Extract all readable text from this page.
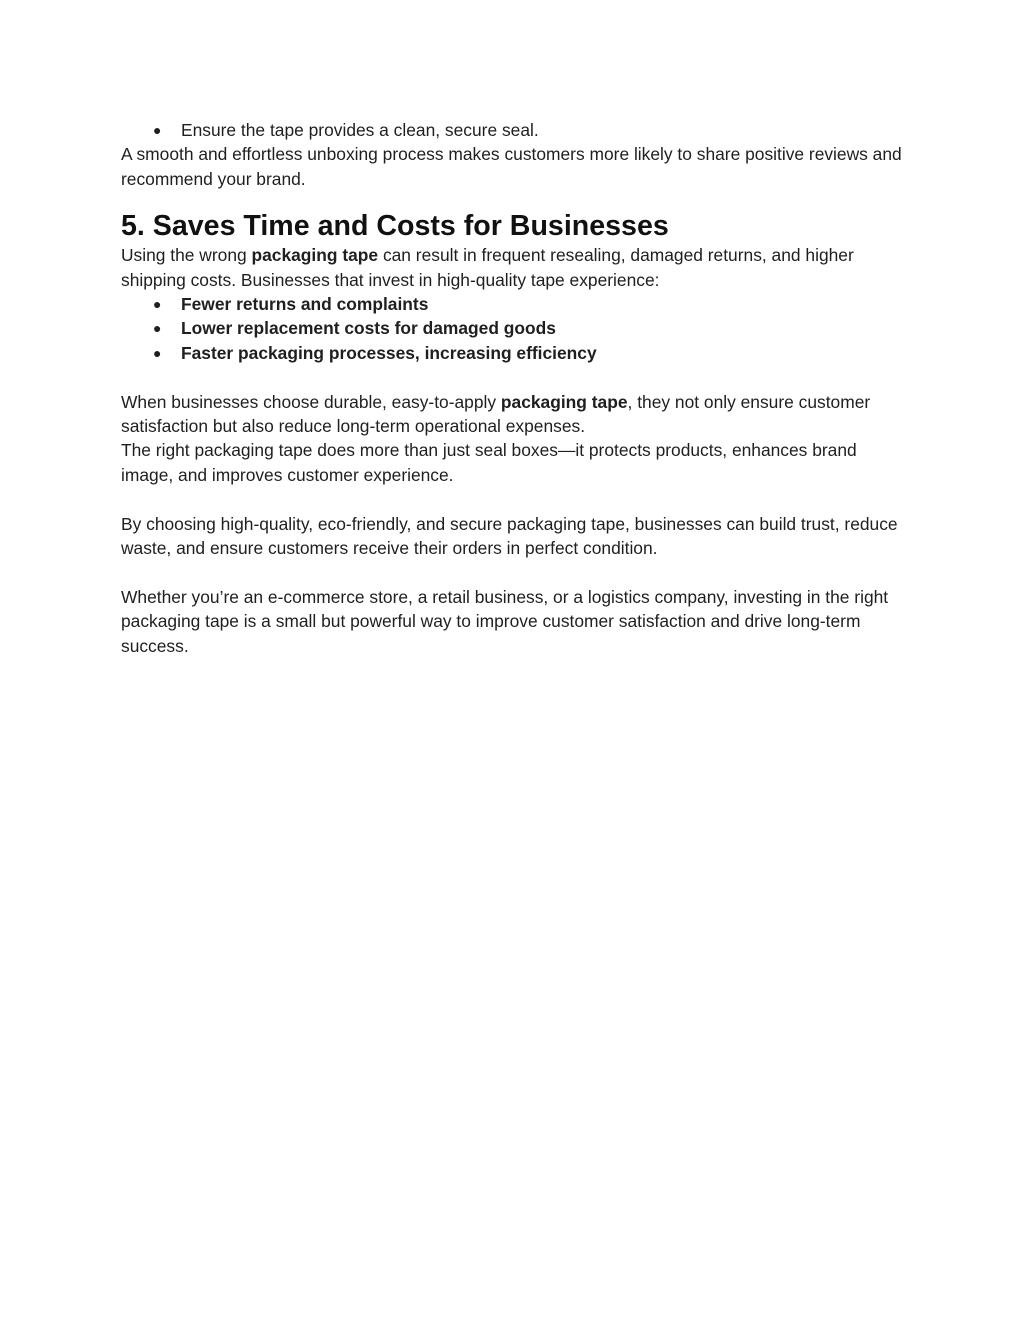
● Ensure the tape provides a clean, secure seal.

A smooth and effortless unboxing process makes customers more likely to share positive reviews and recommend your brand.

5. Saves Time and Costs for Businesses

Using the wrong packaging tape can result in frequent resealing, damaged returns, and higher shipping costs. Businesses that invest in high-quality tape experience:

● Fewer returns and complaints
● Lower replacement costs for damaged goods
● Faster packaging processes, increasing efficiency

When businesses choose durable, easy-to-apply packaging tape, they not only ensure customer satisfaction but also reduce long-term operational expenses.

The right packaging tape does more than just seal boxes—it protects products, enhances brand image, and improves customer experience.

By choosing high-quality, eco-friendly, and secure packaging tape, businesses can build trust, reduce waste, and ensure customers receive their orders in perfect condition.

Whether you’re an e-commerce store, a retail business, or a logistics company, investing in the right packaging tape is a small but powerful way to improve customer satisfaction and drive long-term success.
